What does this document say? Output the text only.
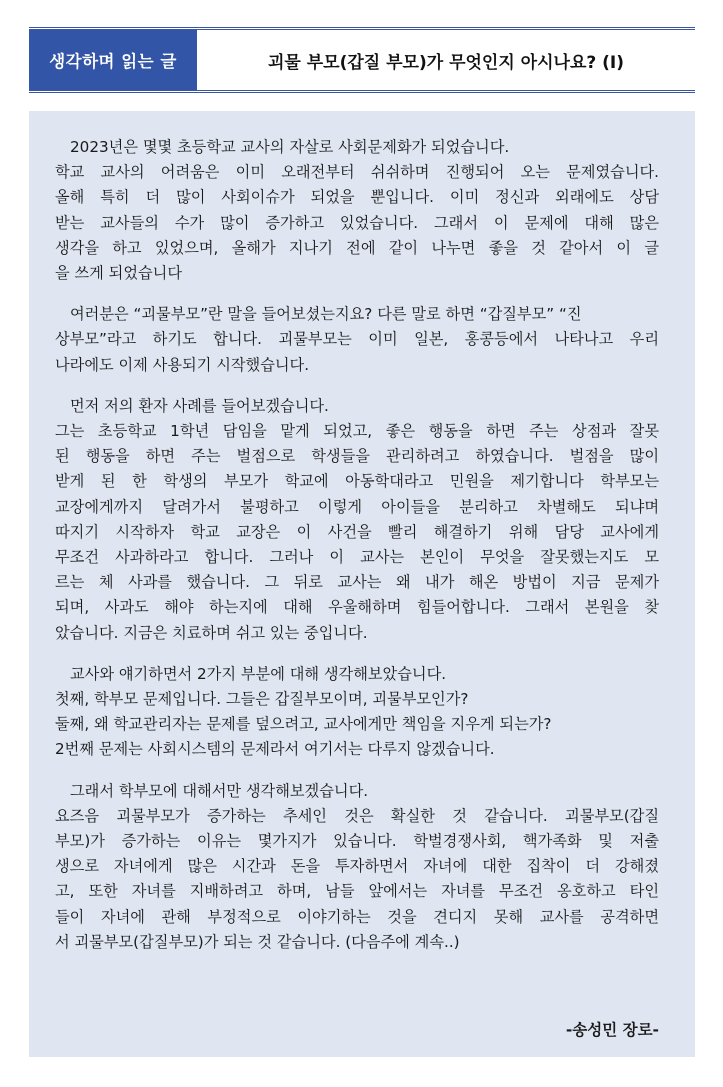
생각하며 읽는 글	괴물 부모(갑질 부모)가 무엇인지 아시나요? (I)
2023년은 몇몇 초등학교 교사의 자살로 사회문제화가 되었습니다.
학교 교사의 어려움은 이미 오래전부터 쉬쉬하며 진행되어 오는 문제였습니다.
올해 특히 더 많이 사회이슈가 되었을 뿐입니다. 이미 정신과 외래에도 상담
받는 교사들의 수가 많이 증가하고 있었습니다. 그래서 이 문제에 대해 많은
생각을 하고 있었으며, 올해가 지나기 전에 같이 나누면 좋을 것 같아서 이 글
을 쓰게 되었습니다
여러분은 “괴물부모”란 말을 들어보셨는지요? 다른 말로 하면 “갑질부모” “진
상부모”라고 하기도 합니다. 괴물부모는 이미 일본, 홍콩등에서 나타나고 우리
나라에도 이제 사용되기 시작했습니다.
먼저 저의 환자 사례를 들어보겠습니다.
그는 초등학교 1학년 담임을 맡게 되었고, 좋은 행동을 하면 주는 상점과 잘못
된 행동을 하면 주는 벌점으로 학생들을 관리하려고 하였습니다. 벌점을 많이
받게 된 한 학생의 부모가 학교에 아동학대라고 민원을 제기합니다 학부모는
교장에게까지 달려가서 불평하고 이렇게 아이들을 분리하고 차별해도 되냐며
따지기 시작하자 학교 교장은 이 사건을 빨리 해결하기 위해 담당 교사에게
무조건 사과하라고 합니다. 그러나 이 교사는 본인이 무엇을 잘못했는지도 모
르는 체 사과를 했습니다. 그 뒤로 교사는 왜 내가 해온 방법이 지금 문제가
되며, 사과도 해야 하는지에 대해 우울해하며 힘들어합니다. 그래서 본원을 찾
았습니다. 지금은 치료하며 쉬고 있는 중입니다.
교사와 얘기하면서 2가지 부분에 대해 생각해보았습니다.
첫째, 학부모 문제입니다. 그들은 갑질부모이며, 괴물부모인가?
둘째, 왜 학교관리자는 문제를 덮으려고, 교사에게만 책임을 지우게 되는가?
2번째 문제는 사회시스템의 문제라서 여기서는 다루지 않겠습니다.
그래서 학부모에 대해서만 생각해보겠습니다.
요즈음 괴물부모가 증가하는 추세인 것은 확실한 것 같습니다. 괴물부모(갑질
부모)가 증가하는 이유는 몇가지가 있습니다. 학벌경쟁사회, 핵가족화 및 저출
생으로 자녀에게 많은 시간과 돈을 투자하면서 자녀에 대한 집착이 더 강해졌
고, 또한 자녀를 지배하려고 하며, 남들 앞에서는 자녀를 무조건 옹호하고 타인
들이 자녀에 관해 부정적으로 이야기하는 것을 견디지 못해 교사를 공격하면
서 괴물부모(갑질부모)가 되는 것 같습니다. (다음주에 계속..)
-송성민 장로-
